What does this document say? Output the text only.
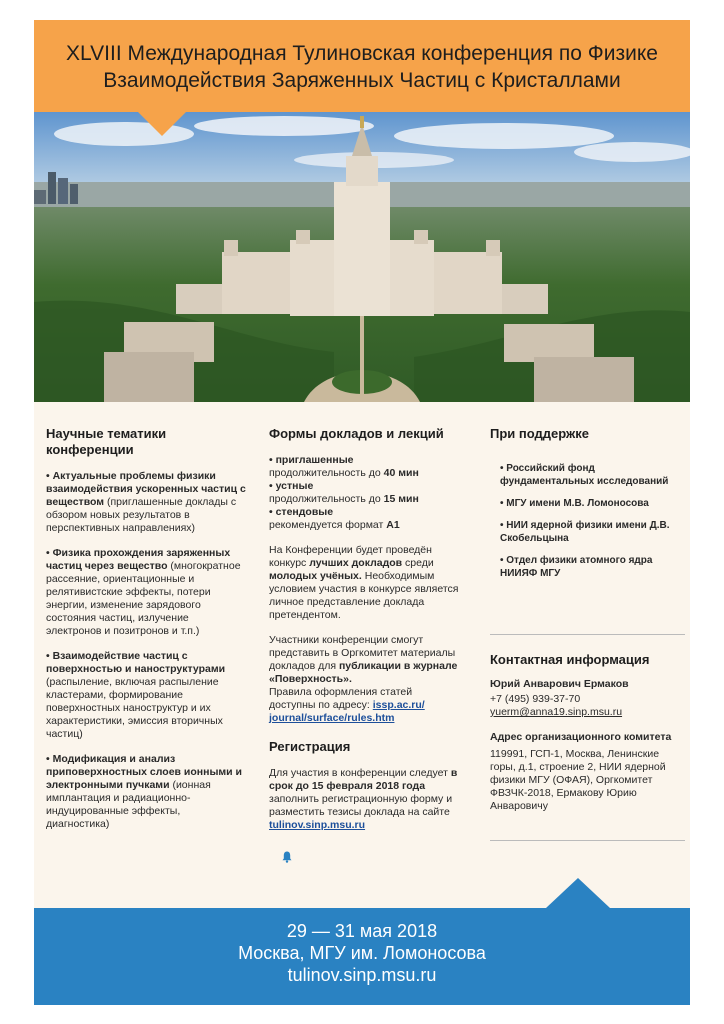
XLVIII Международная Тулиновская конференция по Физике
Взаимодействия Заряженных Частиц с Кристаллами
Научные тематики конференции
• Актуальные проблемы физики взаимодействия ускоренных частиц с веществом (приглашенные доклады с обзором новых результатов в перспективных направлениях)
• Физика прохождения заряженных частиц через вещество (многократное рассеяние, ориентационные и релятивистские эффекты, потери энергии, изменение зарядового состояния частиц, излучение электронов и позитронов и т.п.)
• Взаимодействие частиц с поверхностью и наноструктурами (распыление, включая распыление кластерами, формирование поверхностных наноструктур и их характеристики, эмиссия вторичных частиц)
• Модификация и анализ приповерхностных слоев ионными и электронными пучками (ионная имплантация и радиационно-индуцированные эффекты, диагностика)
Формы докладов и лекций

• приглашенные
продолжительность до 40 мин
• устные
продолжительность до 15 мин
• стендовые
рекомендуется формат А1

На Конференции будет проведён конкурс лучших докладов среди молодых учёных. Необходимым условием участия в конкурсе является личное представление доклада претендентом.

Участники конференции смогут представить в Оргкомитет материалы докладов для публикации в журнале «Поверхность».
Правила оформления статей доступны по адресу: issp.ac.ru/ journal/surface/rules.htm

Регистрация

Для участия в конференции следует в срок до 15 февраля 2018 года заполнить регистрационную форму и разместить тезисы доклада на сайте tulinov.sinp.msu.ru

При поддержке
• Российский фонд фундаментальных исследований
• МГУ имени М.В. Ломоносова
• НИИ ядерной физики имени Д.В. Скобельцына
• Отдел физики атомного ядра НИИЯФ МГУ
Контактная информация
Юрий Анварович Ермаков
+7 (495) 939-37-70
yuerm@anna19.sinp.msu.ru
Адрес организационного комитета
119991, ГСП-1, Москва, Ленинские горы, д.1, строение 2, НИИ ядерной физики МГУ (ОФАЯ), Оргкомитет ФВЗЧК-2018, Ермакову Юрию Анваровичу
29 — 31 мая 2018
Москва, МГУ им. Ломоносова
tulinov.sinp.msu.ru
